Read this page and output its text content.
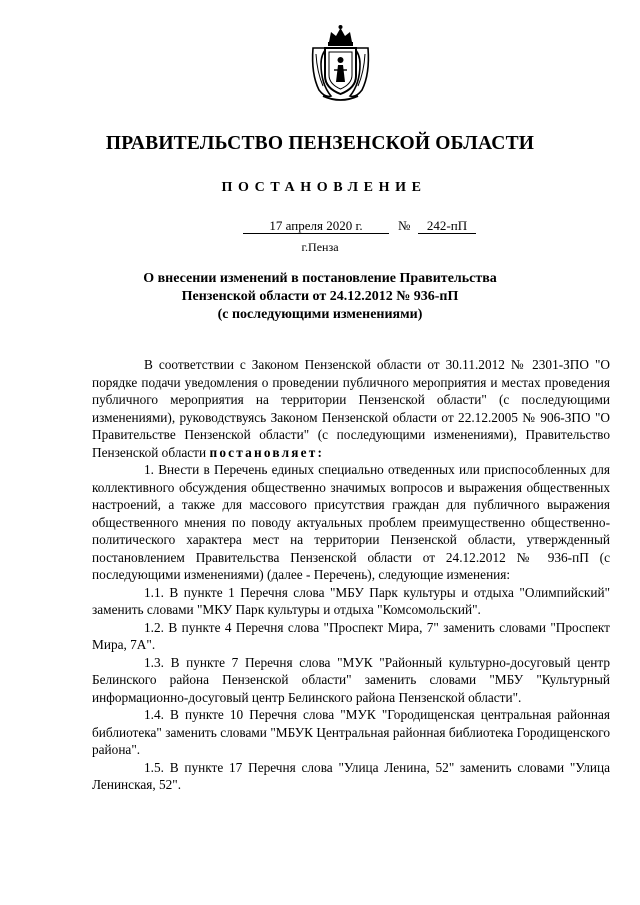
ПРАВИТЕЛЬСТВО ПЕНЗЕНСКОЙ ОБЛАСТИ
ПОСТАНОВЛЕНИЕ
17 апреля 2020 г.	№	242-пП
г.Пенза
О внесении изменений в постановление Правительства
Пензенской области от 24.12.2012 № 936-пП
(с последующими изменениями)

В соответствии с Законом Пензенской области от 30.11.2012 № 2301-ЗПО "О порядке подачи уведомления о проведении публичного мероприятия и местах проведения публичного мероприятия на территории Пензенской области" (с последующими изменениями), руководствуясь Законом Пензенской области от 22.12.2005 № 906-ЗПО "О Правительстве Пензенской области" (с последующими изменениями), Правительство Пензенской области постановляет:

1. Внести в Перечень единых специально отведенных или приспособленных для коллективного обсуждения общественно значимых вопросов и выражения общественных настроений, а также для массового присутствия граждан для публичного выражения общественного мнения по поводу актуальных проблем преимущественно общественно-политического характера мест на территории Пензенской области, утвержденный постановлением Правительства Пензенской области от 24.12.2012 № 936-пП (с последующими изменениями) (далее - Перечень), следующие изменения:

1.1. В пункте 1 Перечня слова "МБУ Парк культуры и отдыха "Олимпийский" заменить словами "МКУ Парк культуры и отдыха "Комсомольский".

1.2. В пункте 4 Перечня слова "Проспект Мира, 7" заменить словами "Проспект Мира, 7А".

1.3. В пункте 7 Перечня слова "МУК "Районный культурно-досуговый центр Белинского района Пензенской области" заменить словами "МБУ "Культурный информационно-досуговый центр Белинского района Пензенской области".

1.4. В пункте 10 Перечня слова "МУК "Городищенская центральная районная библиотека" заменить словами "МБУК Центральная районная библиотека Городищенского района".

1.5. В пункте 17 Перечня слова "Улица Ленина, 52" заменить словами "Улица Ленинская, 52".
